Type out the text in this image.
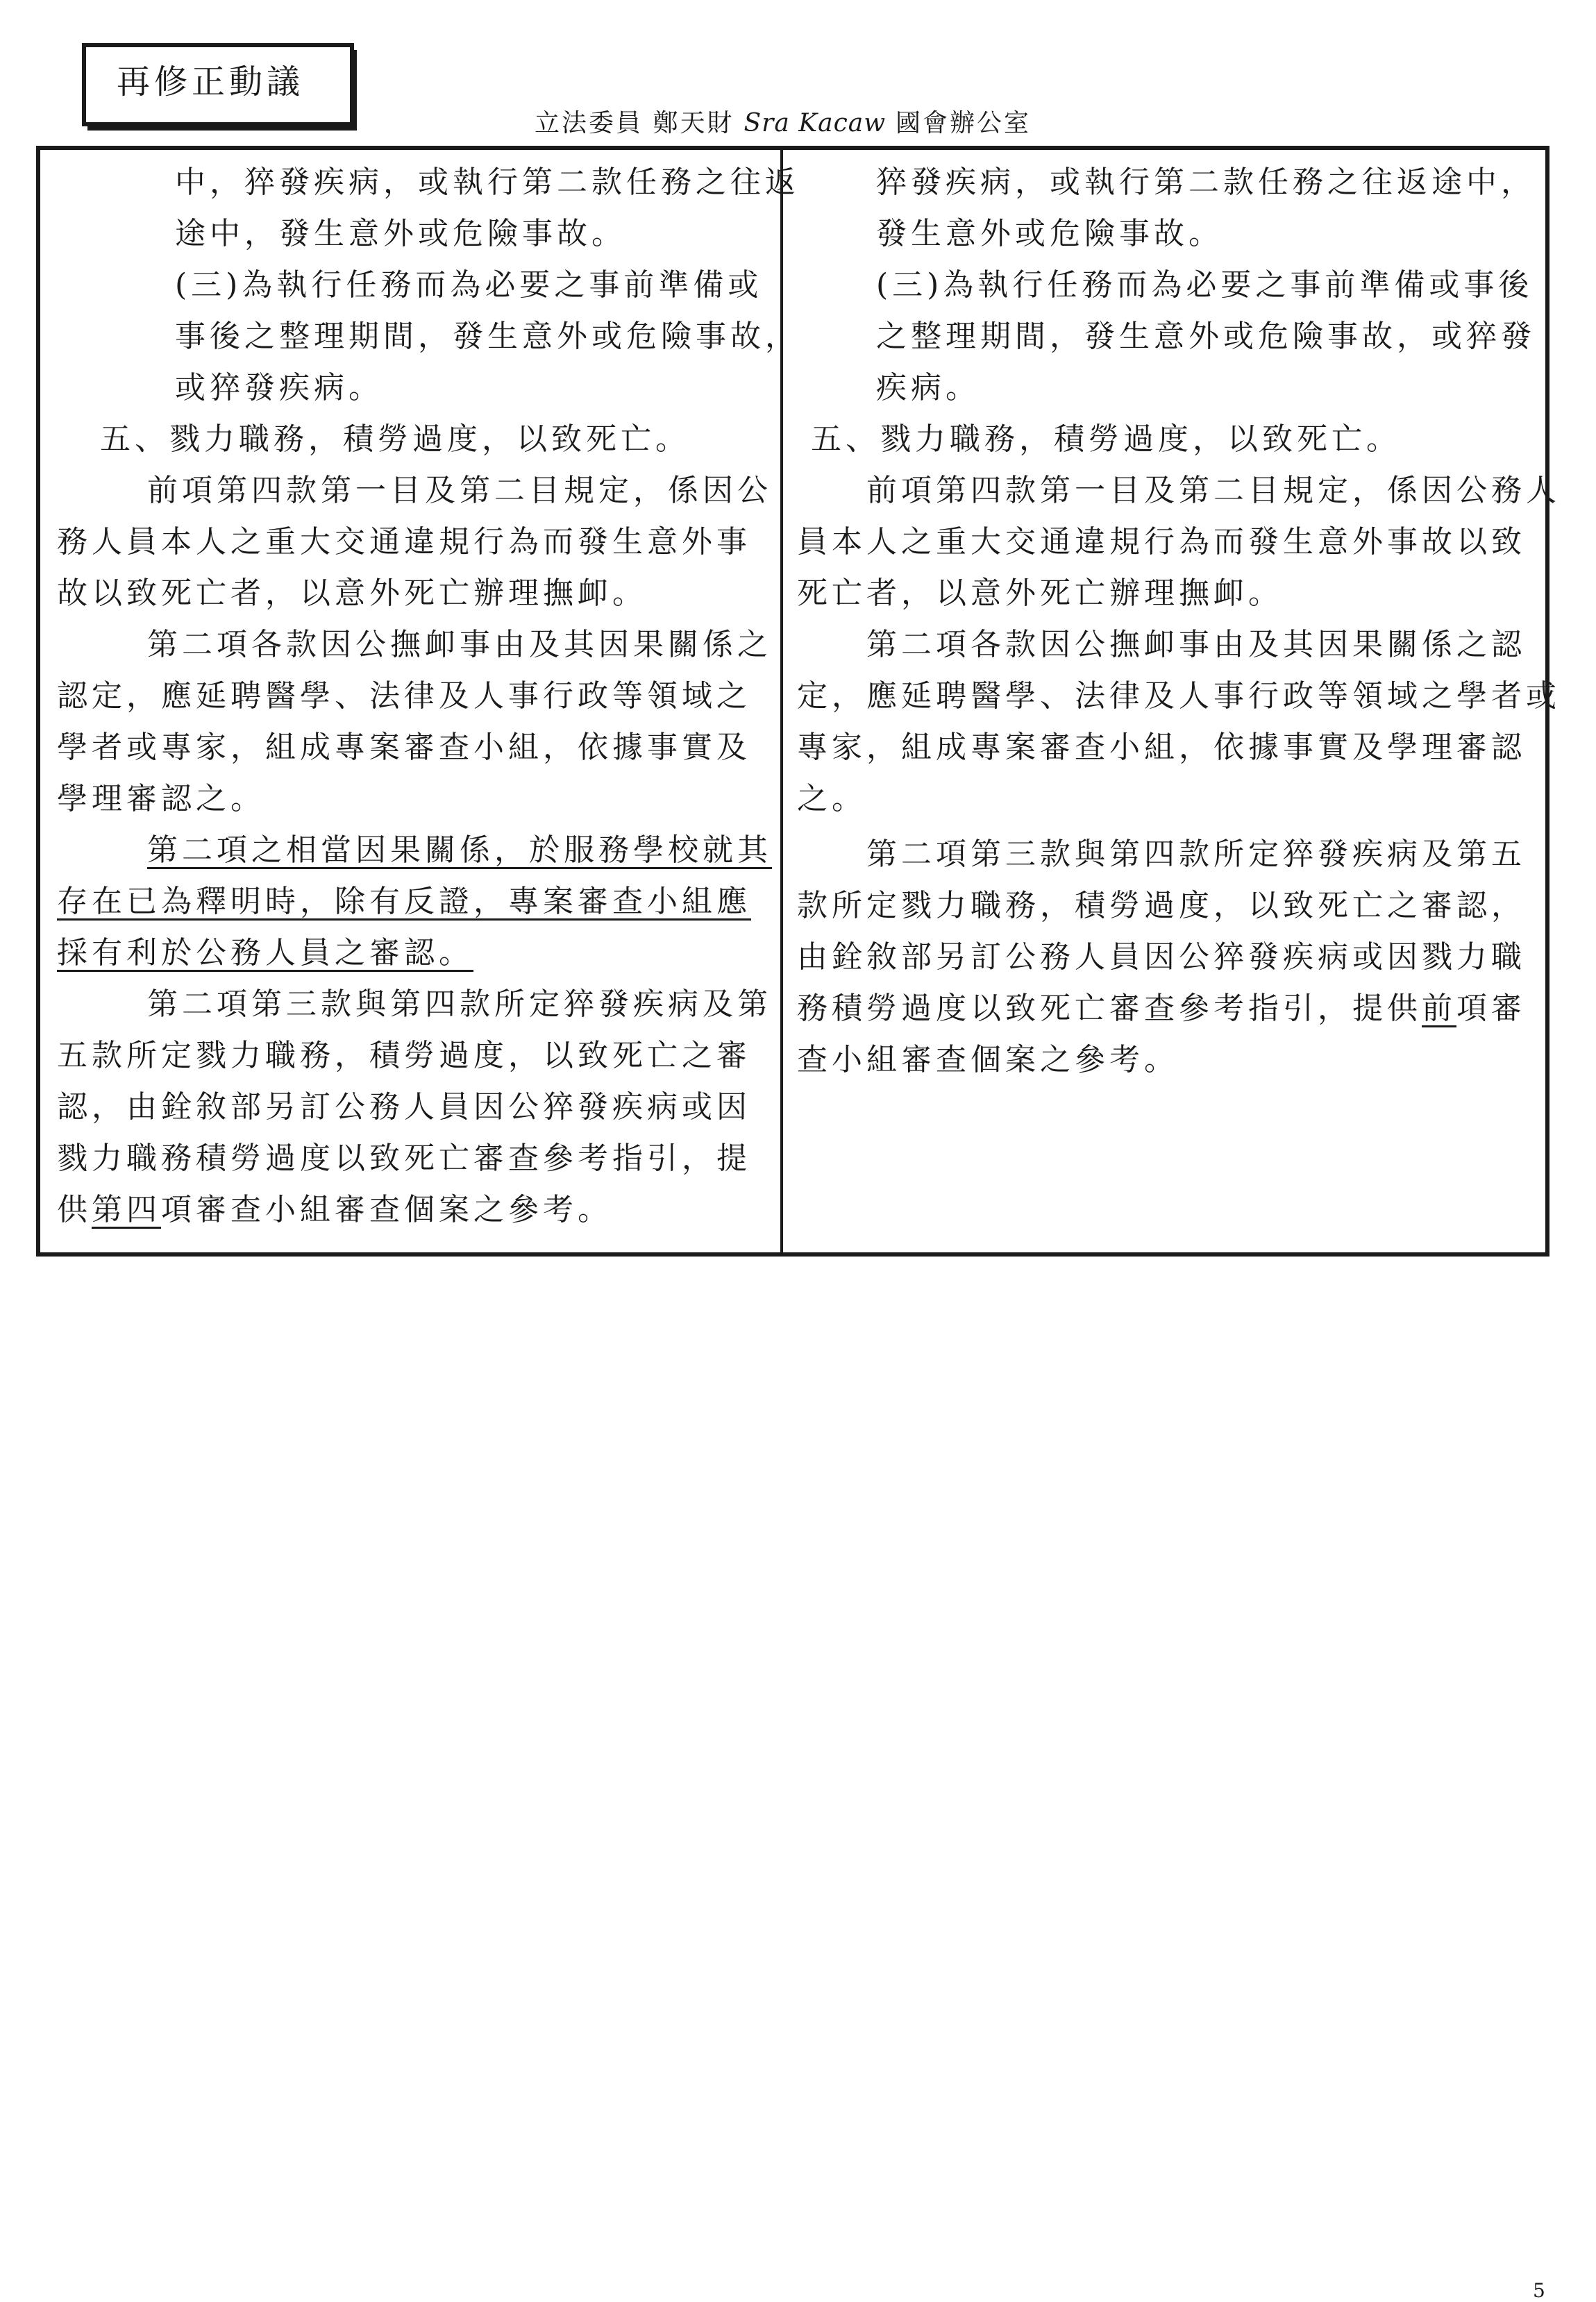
再修正動議
立法委員 鄭天財 Sra Kacaw 國會辦公室
中，猝發疾病，或執行第二款任務之往返
途中，發生意外或危險事故。
(三)為執行任務而為必要之事前準備或
事後之整理期間，發生意外或危險事故，
或猝發疾病。
五、戮力職務，積勞過度，以致死亡。
前項第四款第一目及第二目規定，係因公
務人員本人之重大交通違規行為而發生意外事
故以致死亡者，以意外死亡辦理撫卹。
第二項各款因公撫卹事由及其因果關係之
認定，應延聘醫學、法律及人事行政等領域之
學者或專家，組成專案審查小組，依據事實及
學理審認之。
第二項之相當因果關係，於服務學校就其
存在已為釋明時，除有反證，專案審查小組應
採有利於公務人員之審認。
第二項第三款與第四款所定猝發疾病及第
五款所定戮力職務，積勞過度，以致死亡之審
認，由銓敘部另訂公務人員因公猝發疾病或因
戮力職務積勞過度以致死亡審查參考指引，提
供第四項審查小組審查個案之參考。
猝發疾病，或執行第二款任務之往返途中，
發生意外或危險事故。
(三)為執行任務而為必要之事前準備或事後
之整理期間，發生意外或危險事故，或猝發
疾病。
五、戮力職務，積勞過度，以致死亡。
前項第四款第一目及第二目規定，係因公務人
員本人之重大交通違規行為而發生意外事故以致
死亡者，以意外死亡辦理撫卹。
第二項各款因公撫卹事由及其因果關係之認
定，應延聘醫學、法律及人事行政等領域之學者或
專家，組成專案審查小組，依據事實及學理審認
之。
第二項第三款與第四款所定猝發疾病及第五
款所定戮力職務，積勞過度，以致死亡之審認，
由銓敘部另訂公務人員因公猝發疾病或因戮力職
務積勞過度以致死亡審查參考指引，提供前項審
查小組審查個案之參考。
5
